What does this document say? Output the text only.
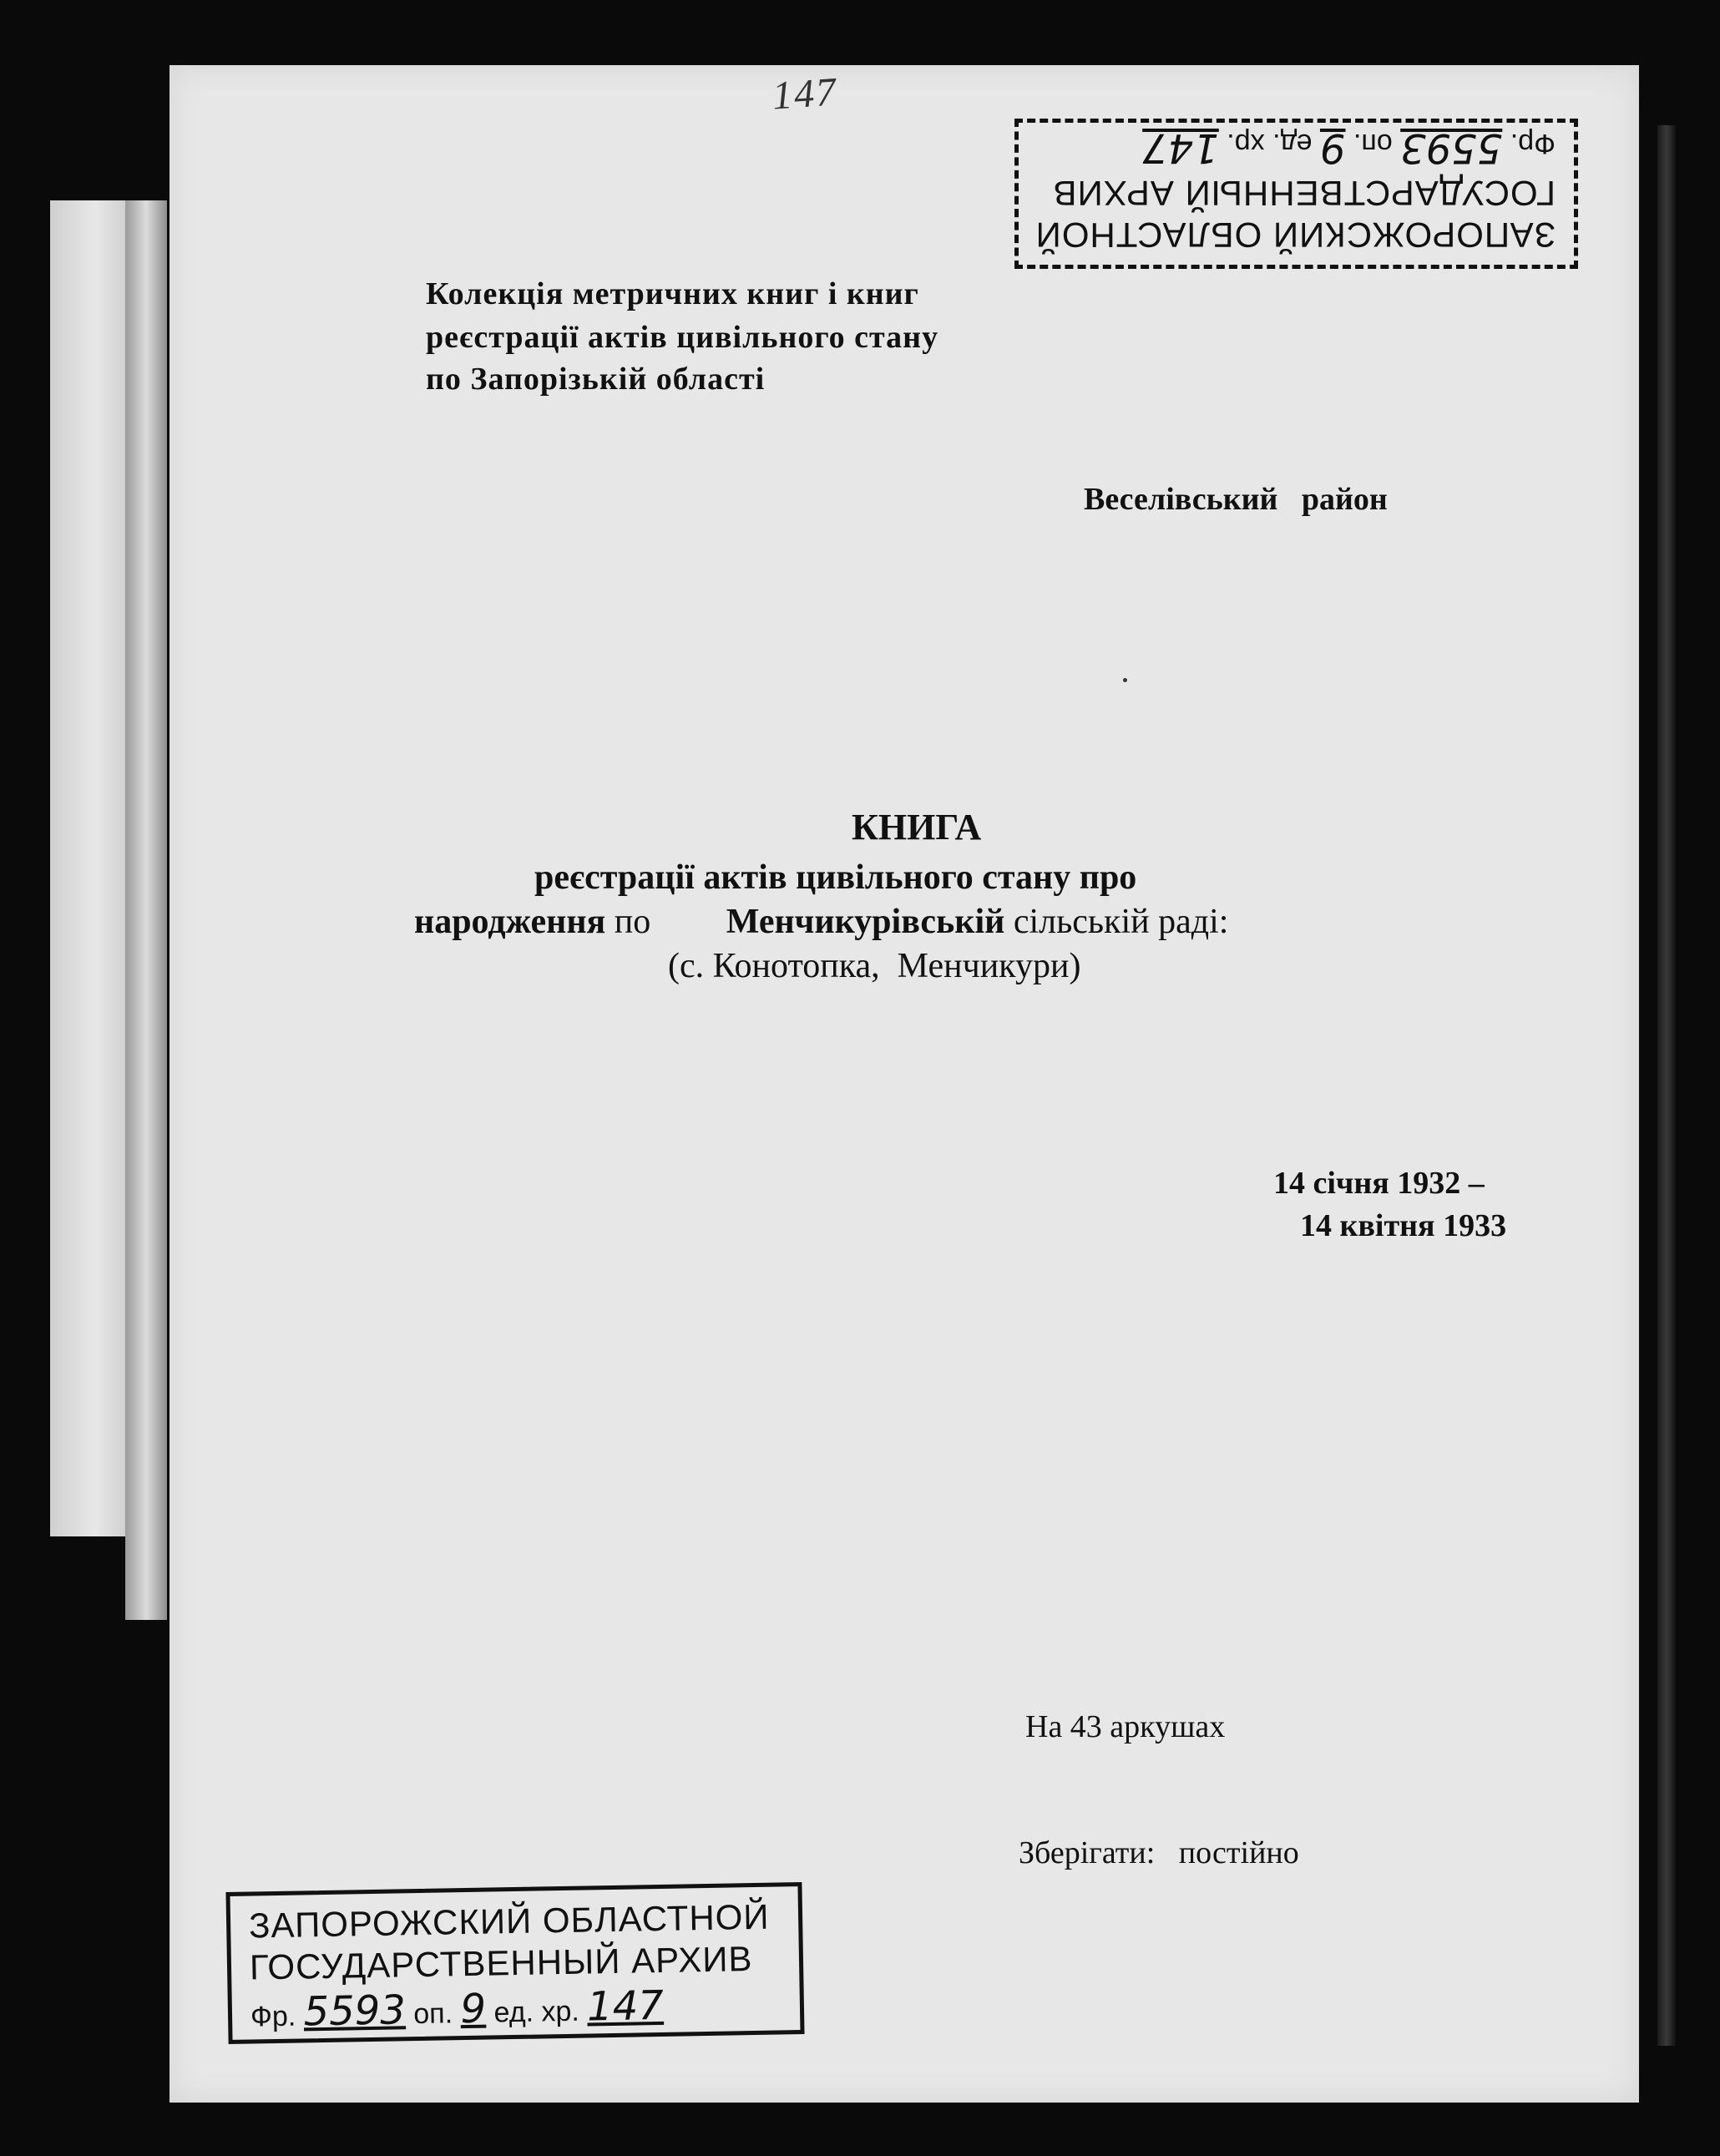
147
ЗАПОРОЖСКИЙ ОБЛАСТНОЙ
ГОСУДАРСТВЕННЫЙ АРХИВ
Фр. 5593 оп. 9 ед. хр. 147
Колекція метричних книг і книг
реєстрації актів цивільного стану
по Запорізькій області
Веселівський   район
КНИГА
реєстрації актів цивільного стану про
народження по Менчикурівській сільській раді:
(с. Конотопка,  Менчикури)
14 січня 1932 –
14 квітня 1933
На 43 аркушах
Зберігати:   постійно
ЗАПОРОЖСКИЙ ОБЛАСТНОЙ
ГОСУДАРСТВЕННЫЙ АРХИВ
Фр. 5593 оп. 9 ед. хр. 147
